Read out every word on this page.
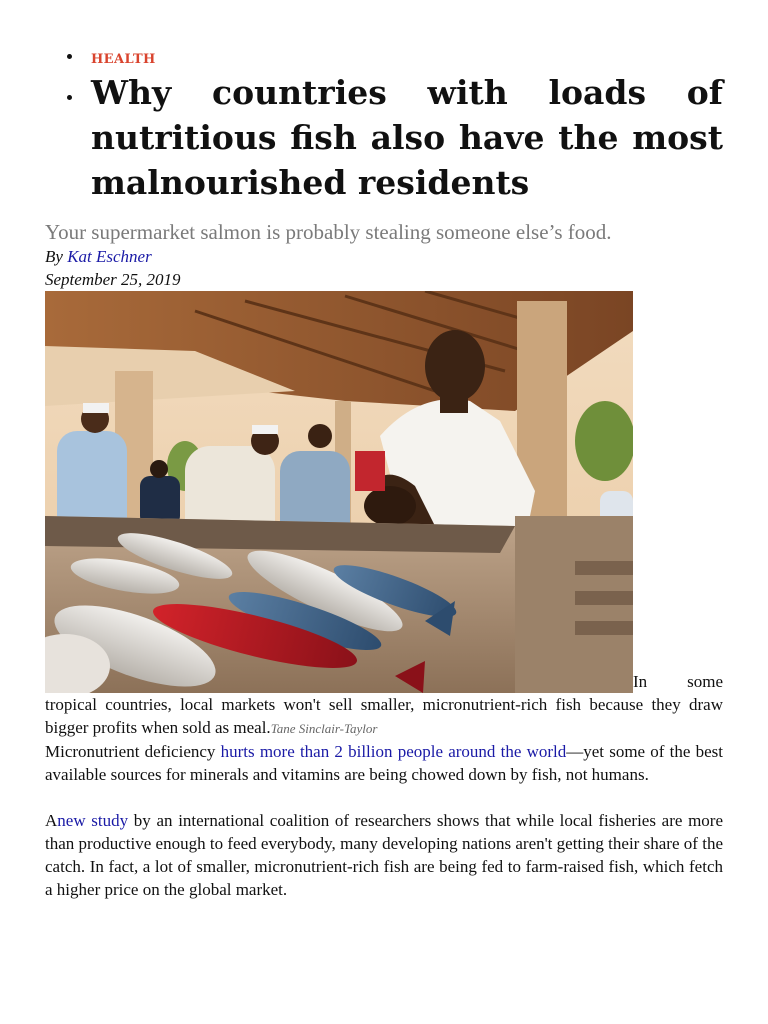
HEALTH
Why countries with loads of nutritious fish also have the most malnourished residents
Your supermarket salmon is probably stealing someone else’s food.
By Kat Eschner
September 25, 2019
In some

tropical countries, local markets won't sell smaller, micronutrient-rich fish because they draw bigger profits when sold as meal.Tane Sinclair-Taylor

Micronutrient deficiency hurts more than 2 billion people around the world—yet some of the best available sources for minerals and vitamins are being chowed down by fish, not humans.

Anew study by an international coalition of researchers shows that while local fisheries are more than productive enough to feed everybody, many developing nations aren't getting their share of the catch. In fact, a lot of smaller, micronutrient-rich fish are being fed to farm-raised fish, which fetch a higher price on the global market.
